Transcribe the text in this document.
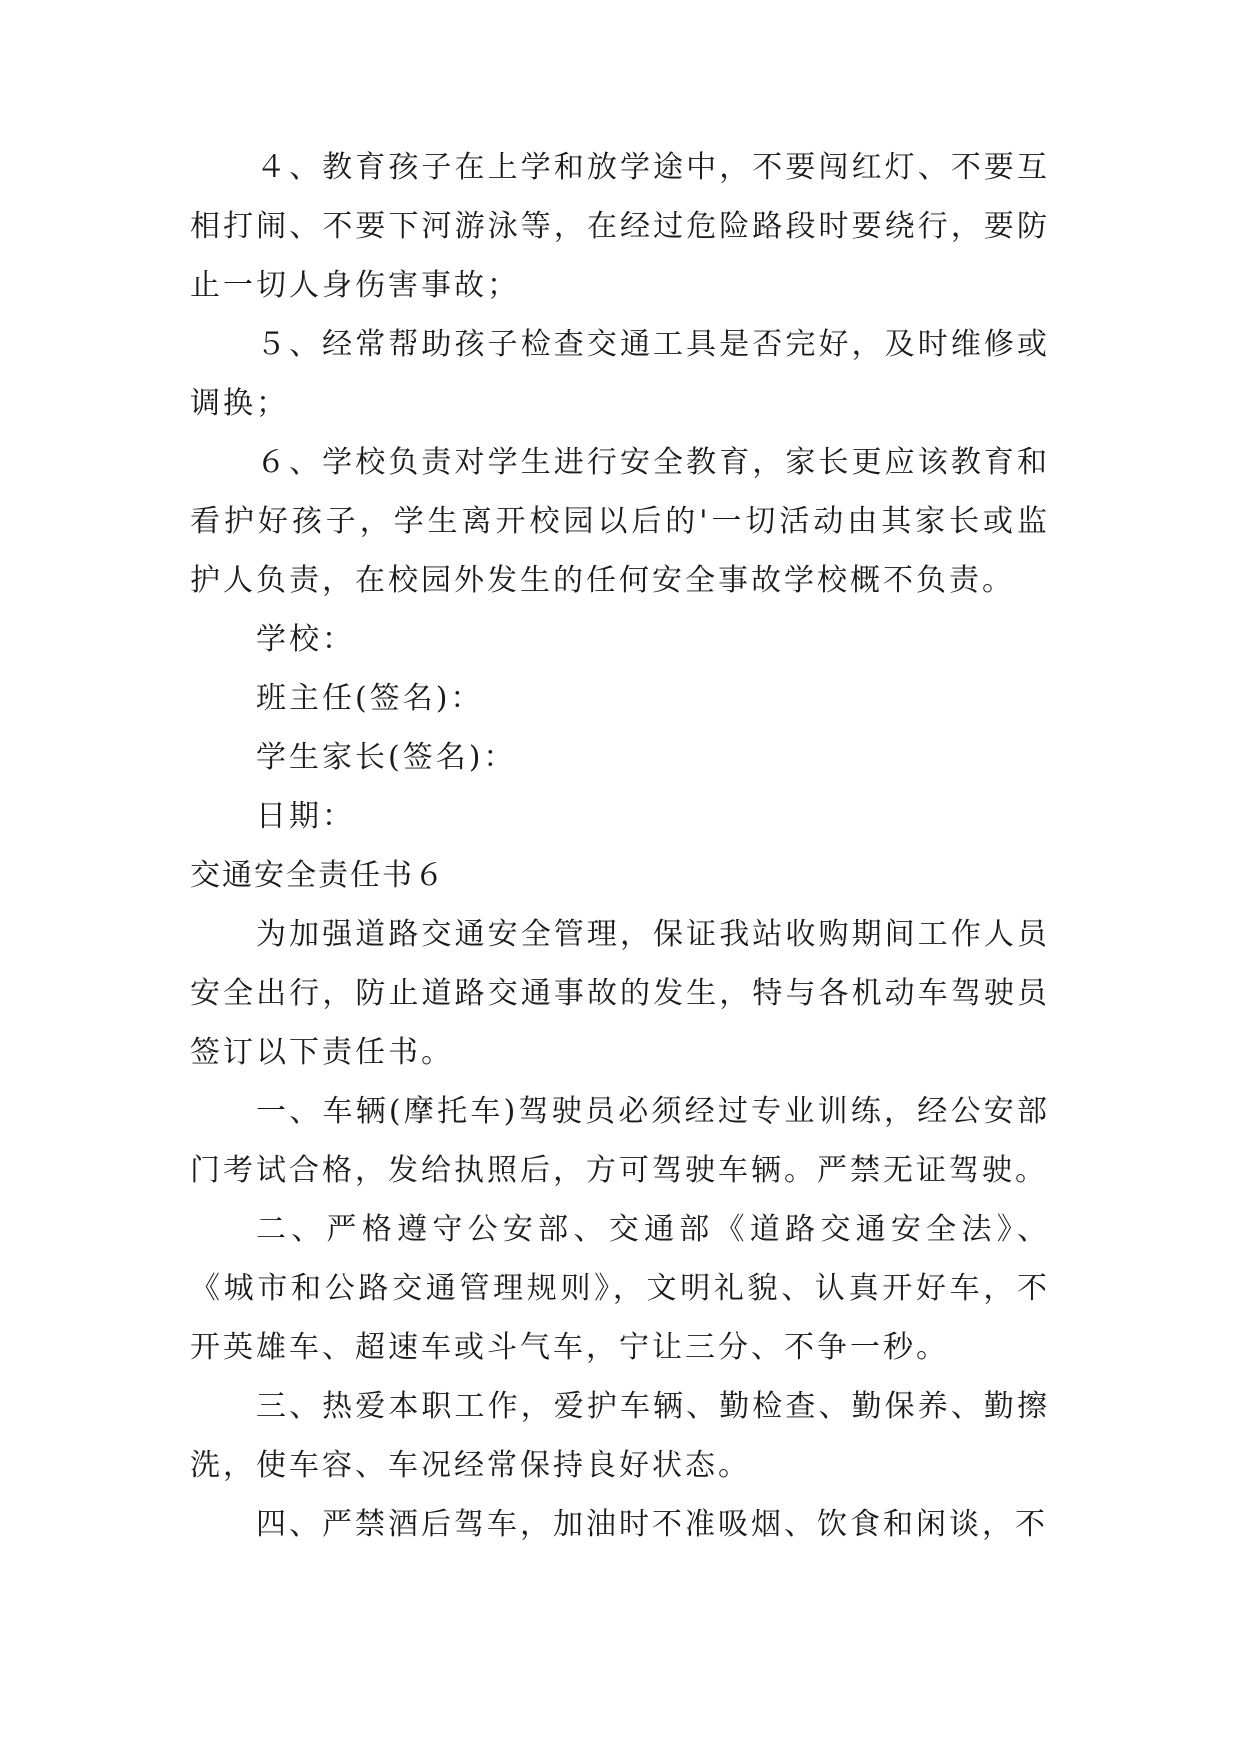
４、教育孩子在上学和放学途中，不要闯红灯、不要互相打闹、不要下河游泳等，在经过危险路段时要绕行，要防止一切人身伤害事故；

５、经常帮助孩子检查交通工具是否完好，及时维修或调换；

６、学校负责对学生进行安全教育，家长更应该教育和看护好孩子，学生离开校园以后的'一切活动由其家长或监护人负责，在校园外发生的任何安全事故学校概不负责。

学校：

班主任(签名)：

学生家长(签名)：

日期：

交通安全责任书６

为加强道路交通安全管理，保证我站收购期间工作人员安全出行，防止道路交通事故的发生，特与各机动车驾驶员签订以下责任书。

一、车辆(摩托车)驾驶员必须经过专业训练，经公安部门考试合格，发给执照后，方可驾驶车辆。严禁无证驾驶。

二、严格遵守公安部、交通部《道路交通安全法》、《城市和公路交通管理规则》，文明礼貌、认真开好车，不开英雄车、超速车或斗气车，宁让三分、不争一秒。

三、热爱本职工作，爱护车辆、勤检查、勤保养、勤擦洗，使车容、车况经常保持良好状态。

四、严禁酒后驾车，加油时不准吸烟、饮食和闲谈，不
